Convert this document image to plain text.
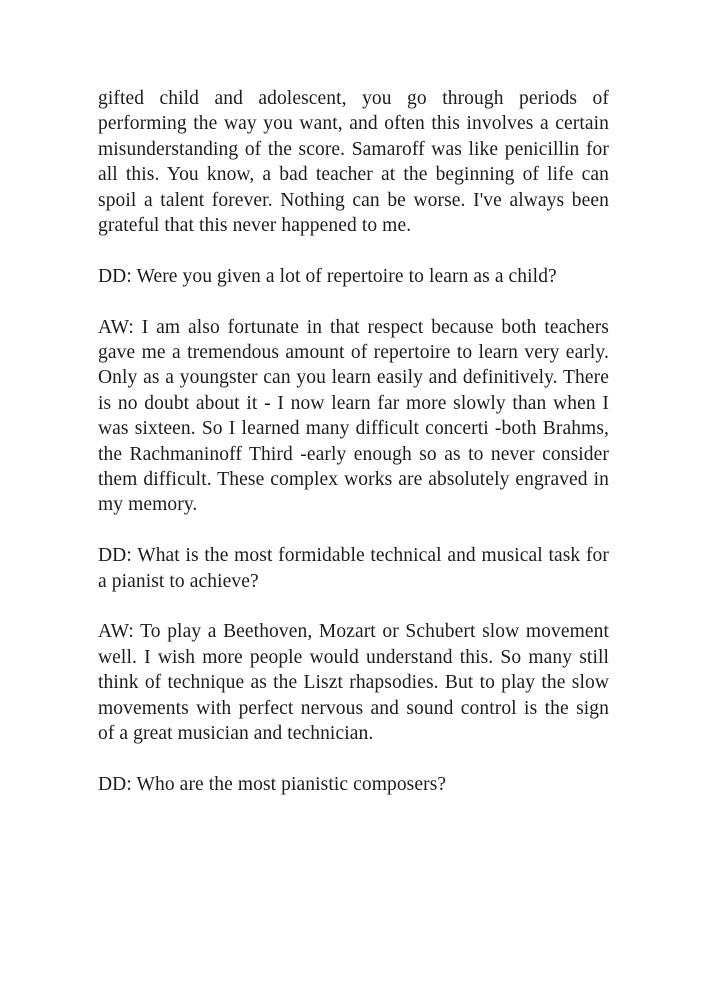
gifted child and adolescent, you go through periods of performing the way you want, and often this involves a certain misunderstanding of the score. Samaroff was like penicillin for all this. You know, a bad teacher at the beginning of life can spoil a talent forever. Nothing can be worse. I've always been grateful that this never happened to me.

DD: Were you given a lot of repertoire to learn as a child?

AW: I am also fortunate in that respect because both teachers gave me a tremendous amount of repertoire to learn very early. Only as a youngster can you learn easily and definitively. There is no doubt about it - I now learn far more slowly than when I was sixteen. So I learned many difficult concerti -both Brahms, the Rachmaninoff Third -early enough so as to never consider them difficult. These complex works are absolutely engraved in my memory.

DD: What is the most formidable technical and musical task for a pianist to achieve?

AW: To play a Beethoven, Mozart or Schubert slow movement well. I wish more people would understand this. So many still think of technique as the Liszt rhapsodies. But to play the slow movements with perfect nervous and sound control is the sign of a great musician and technician.

DD: Who are the most pianistic composers?
